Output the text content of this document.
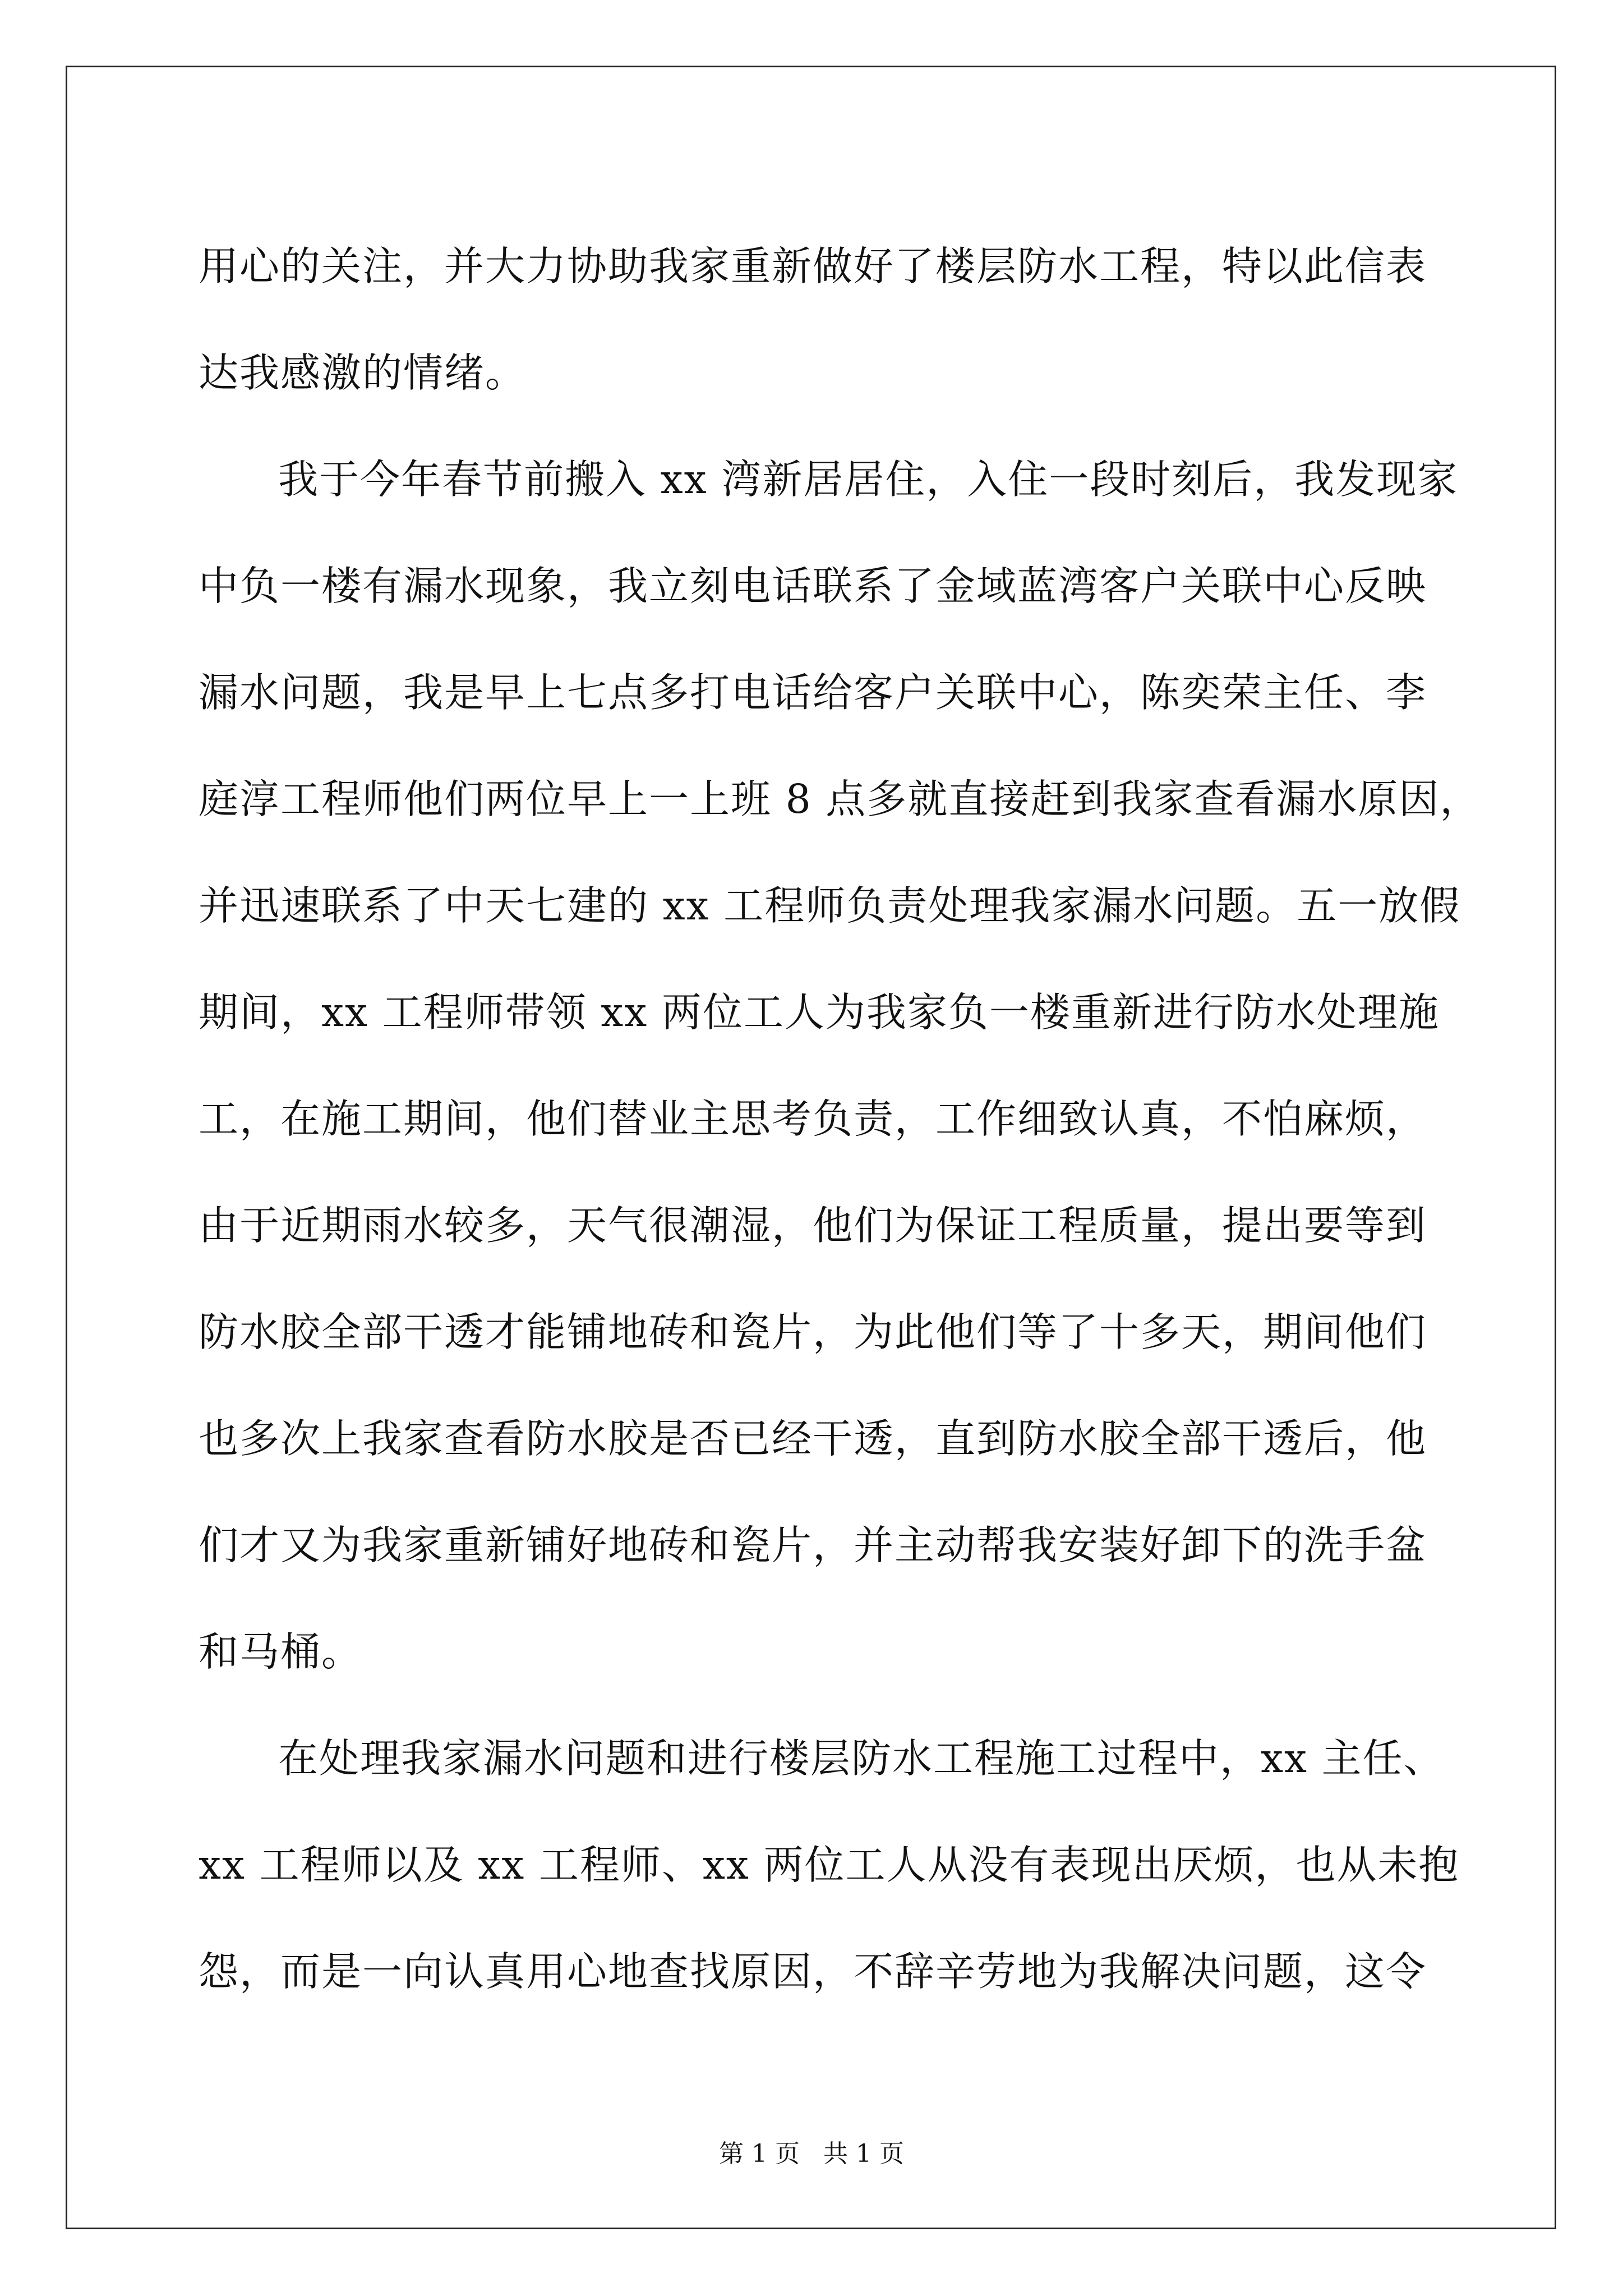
用心的关注，并大力协助我家重新做好了楼层防水工程，特以此信表
达我感激的情绪。
我于今年春节前搬入 xx 湾新居居住，入住一段时刻后，我发现家
中负一楼有漏水现象，我立刻电话联系了金域蓝湾客户关联中心反映
漏水问题，我是早上七点多打电话给客户关联中心，陈奕荣主任、李
庭淳工程师他们两位早上一上班 8 点多就直接赶到我家查看漏水原因，
并迅速联系了中天七建的 xx 工程师负责处理我家漏水问题。五一放假
期间，xx 工程师带领 xx 两位工人为我家负一楼重新进行防水处理施
工，在施工期间，他们替业主思考负责，工作细致认真，不怕麻烦，
由于近期雨水较多，天气很潮湿，他们为保证工程质量，提出要等到
防水胶全部干透才能铺地砖和瓷片，为此他们等了十多天，期间他们
也多次上我家查看防水胶是否已经干透，直到防水胶全部干透后，他
们才又为我家重新铺好地砖和瓷片，并主动帮我安装好卸下的洗手盆
和马桶。
在处理我家漏水问题和进行楼层防水工程施工过程中，xx 主任、
xx 工程师以及 xx 工程师、xx 两位工人从没有表现出厌烦，也从未抱
怨，而是一向认真用心地查找原因，不辞辛劳地为我解决问题，这令
第 1 页   共 1 页
